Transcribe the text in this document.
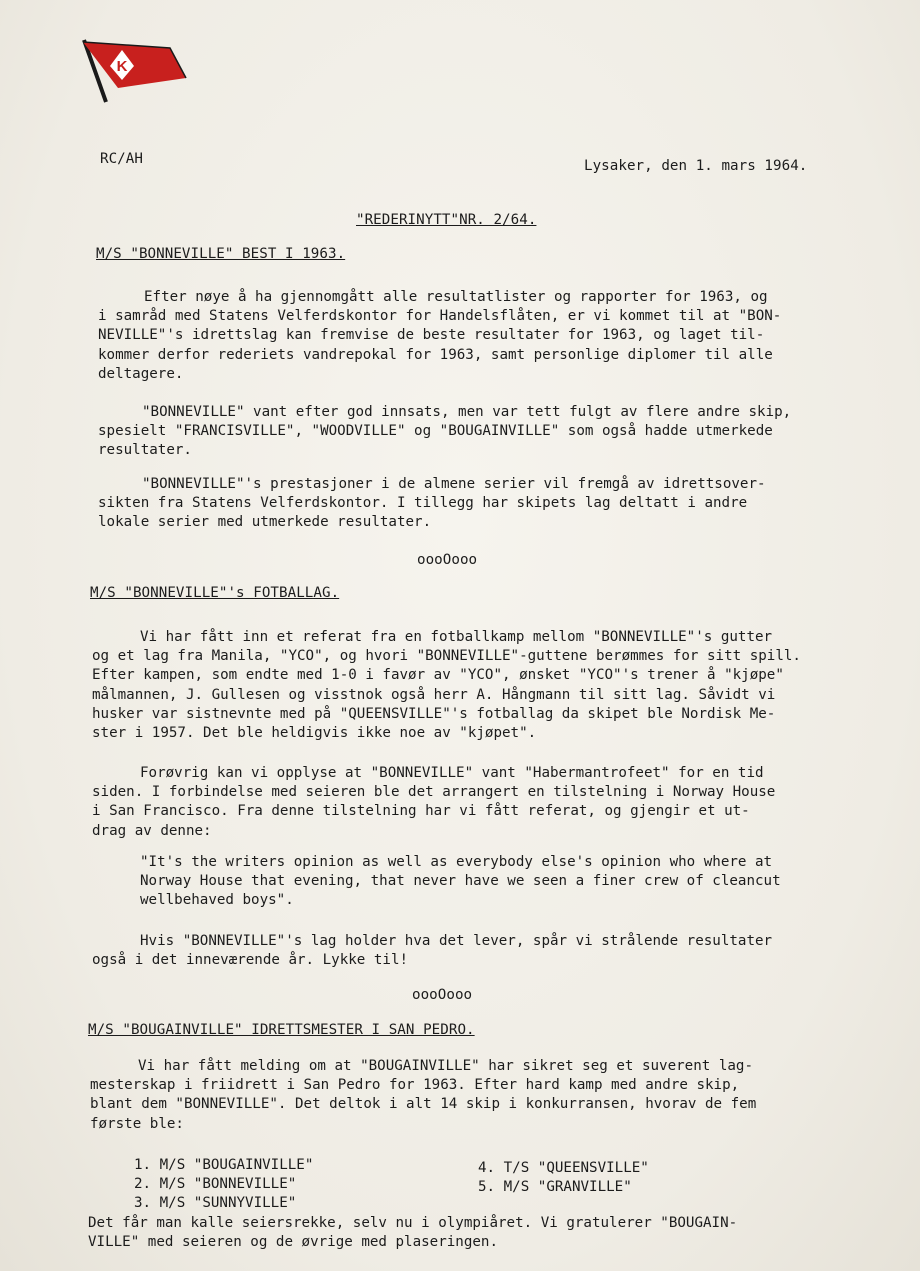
K
RC/AH	Lysaker, den 1. mars 1964.
"REDERINYTT"NR. 2/64.
M/S "BONNEVILLE" BEST I 1963.
Efter nøye å ha gjennomgått alle resultatlister og rapporter for 1963, og
i samråd med Statens Velferdskontor for Handelsflåten, er vi kommet til at "BON-
NEVILLE"'s idrettslag kan fremvise de beste resultater for 1963, og laget til-
kommer derfor rederiets vandrepokal for 1963, samt personlige diplomer til alle
deltagere.
"BONNEVILLE" vant efter god innsats, men var tett fulgt av flere andre skip,
spesielt "FRANCISVILLE", "WOODVILLE" og "BOUGAINVILLE" som også hadde utmerkede
resultater.
"BONNEVILLE"'s prestasjoner i de almene serier vil fremgå av idrettsover-
sikten fra Statens Velferdskontor. I tillegg har skipets lag deltatt i andre
lokale serier med utmerkede resultater.
oooOooo
M/S "BONNEVILLE"'s FOTBALLAG.
Vi har fått inn et referat fra en fotballkamp mellom "BONNEVILLE"'s gutter
og et lag fra Manila, "YCO", og hvori "BONNEVILLE"-guttene berømmes for sitt spill.
Efter kampen, som endte med 1-0 i favør av "YCO", ønsket "YCO"'s trener å "kjøpe"
målmannen, J. Gullesen og visstnok også herr A. Hångmann til sitt lag. Såvidt vi
husker var sistnevnte med på "QUEENSVILLE"'s fotballag da skipet ble Nordisk Me-
ster i 1957. Det ble heldigvis ikke noe av "kjøpet".
Forøvrig kan vi opplyse at "BONNEVILLE" vant "Habermantrofeet" for en tid
siden. I forbindelse med seieren ble det arrangert en tilstelning i Norway House
i San Francisco. Fra denne tilstelning har vi fått referat, og gjengir et ut-
drag av denne:
"It's the writers opinion as well as everybody else's opinion who where at
Norway House that evening, that never have we seen a finer crew of cleancut
wellbehaved boys".
Hvis "BONNEVILLE"'s lag holder hva det lever, spår vi strålende resultater
også i det inneværende år. Lykke til!
oooOooo
M/S "BOUGAINVILLE" IDRETTSMESTER I SAN PEDRO.
Vi har fått melding om at "BOUGAINVILLE" har sikret seg et suverent lag-
mesterskap i friidrett i San Pedro for 1963. Efter hard kamp med andre skip,
blant dem "BONNEVILLE". Det deltok i alt 14 skip i konkurransen, hvorav de fem
første ble:
1. M/S "BOUGAINVILLE"
2. M/S "BONNEVILLE"
3. M/S "SUNNYVILLE"
4. T/S "QUEENSVILLE"
5. M/S "GRANVILLE"
Det får man kalle seiersrekke, selv nu i olympiåret. Vi gratulerer "BOUGAIN-
VILLE" med seieren og de øvrige med plaseringen.
